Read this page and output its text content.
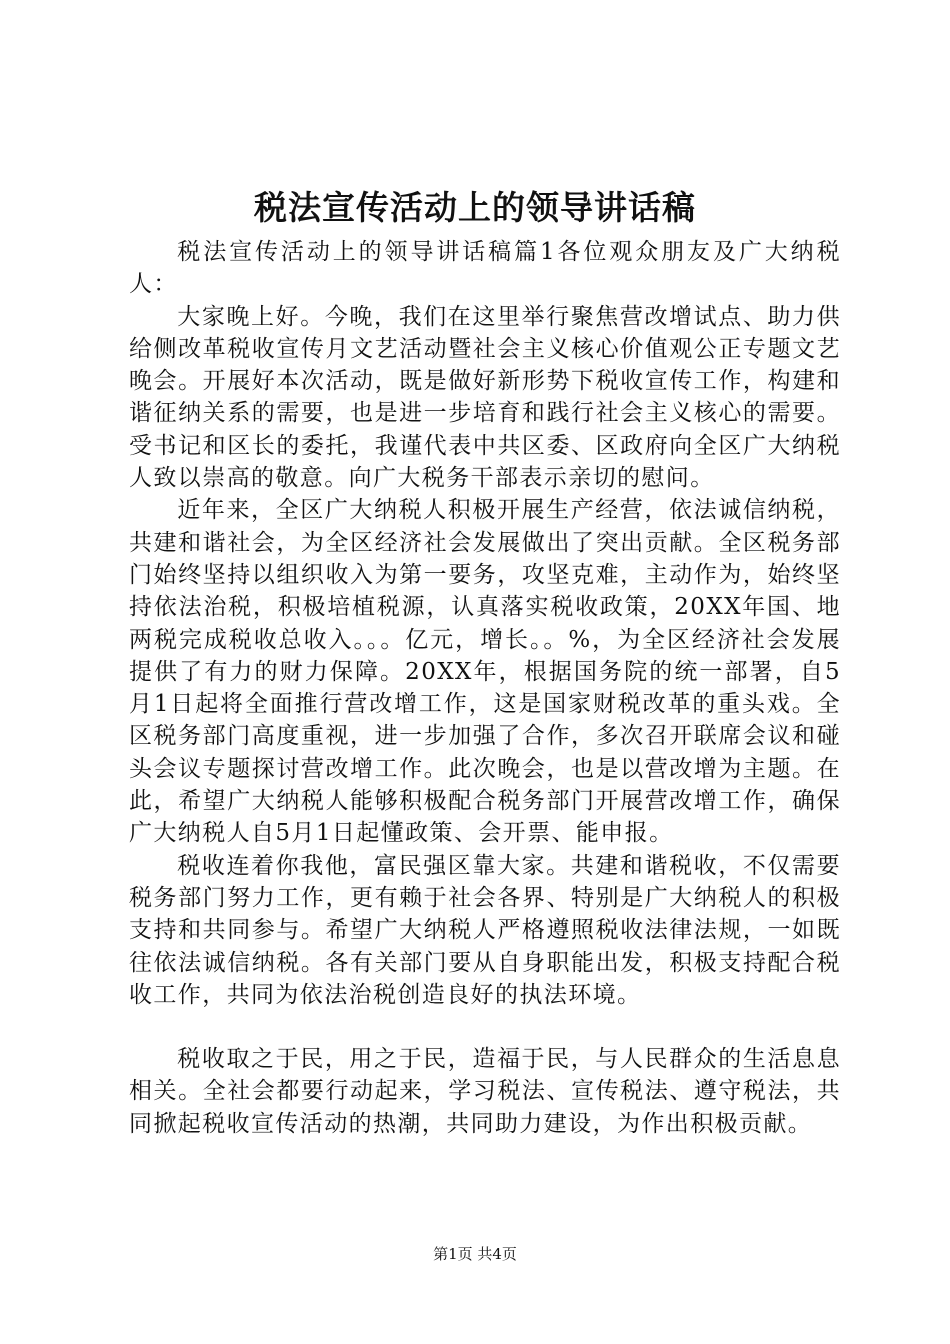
税法宣传活动上的领导讲话稿

税法宣传活动上的领导讲话稿篇1各位观众朋友及广大纳税人：

大家晚上好。今晚，我们在这里举行聚焦营改增试点、助力供给侧改革税收宣传月文艺活动暨社会主义核心价值观公正专题文艺晚会。开展好本次活动，既是做好新形势下税收宣传工作，构建和谐征纳关系的需要，也是进一步培育和践行社会主义核心的需要。受书记和区长的委托，我谨代表中共区委、区政府向全区广大纳税人致以崇高的敬意。向广大税务干部表示亲切的慰问。

近年来，全区广大纳税人积极开展生产经营，依法诚信纳税，共建和谐社会，为全区经济社会发展做出了突出贡献。全区税务部门始终坚持以组织收入为第一要务，攻坚克难，主动作为，始终坚持依法治税，积极培植税源，认真落实税收政策，20XX年国、地两税完成税收总收入。。。亿元，增长。。%，为全区经济社会发展提供了有力的财力保障。20XX年，根据国务院的统一部署，自5月1日起将全面推行营改增工作，这是国家财税改革的重头戏。全区税务部门高度重视，进一步加强了合作，多次召开联席会议和碰头会议专题探讨营改增工作。此次晚会，也是以营改增为主题。在此，希望广大纳税人能够积极配合税务部门开展营改增工作，确保广大纳税人自5月1日起懂政策、会开票、能申报。

税收连着你我他，富民强区靠大家。共建和谐税收，不仅需要税务部门努力工作，更有赖于社会各界、特别是广大纳税人的积极支持和共同参与。希望广大纳税人严格遵照税收法律法规，一如既往依法诚信纳税。各有关部门要从自身职能出发，积极支持配合税收工作，共同为依法治税创造良好的执法环境。

税收取之于民，用之于民，造福于民，与人民群众的生活息息相关。全社会都要行动起来，学习税法、宣传税法、遵守税法，共同掀起税收宣传活动的热潮，共同助力建设，为作出积极贡献。

第1页 共4页
